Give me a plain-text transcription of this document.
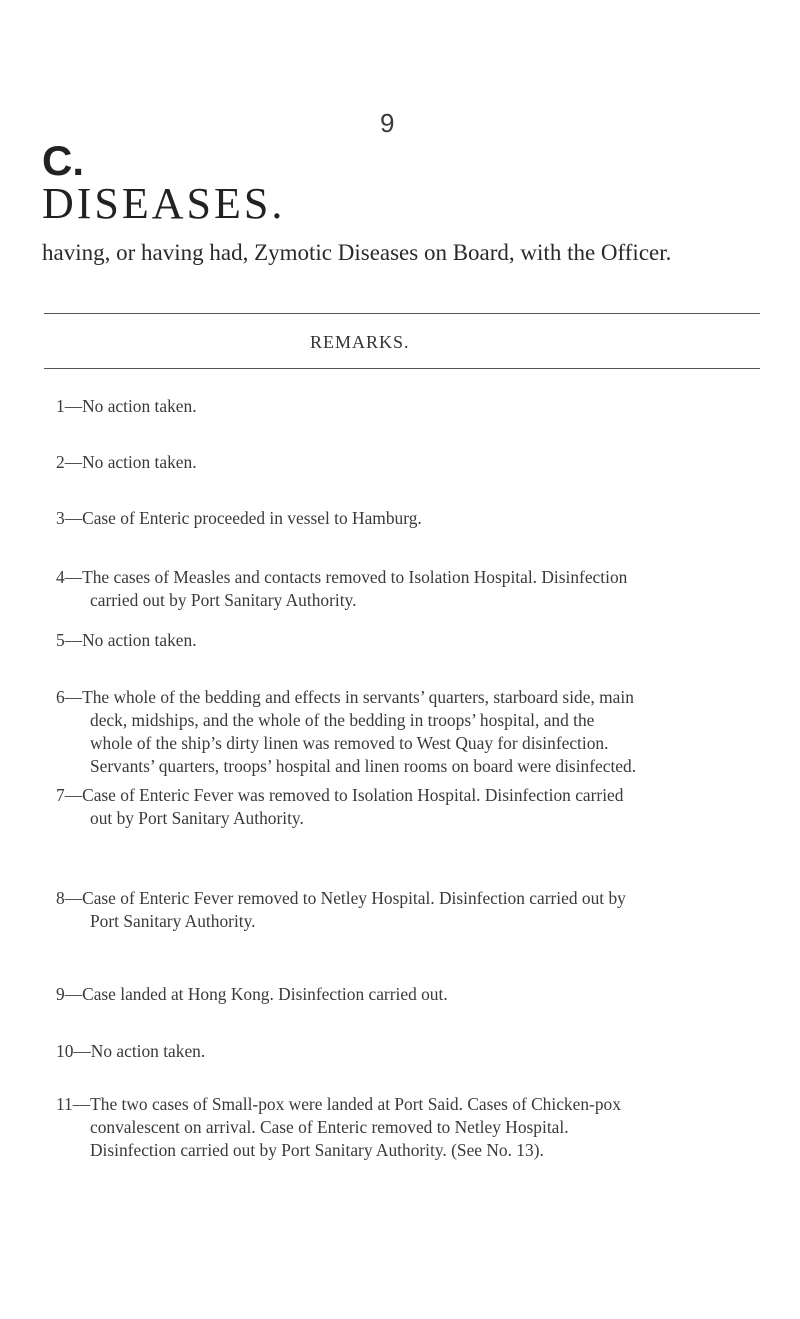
9
C.
DISEASES.
having, or having had, Zymotic Diseases on Board, with the Officer.
REMARKS.
1—No action taken.
2—No action taken.
3—Case of Enteric proceeded in vessel to Hamburg.
4—The cases of Measles and contacts removed to Isolation Hospital. Disinfection
carried out by Port Sanitary Authority.
5—No action taken.
6—The whole of the bedding and effects in servants’ quarters, starboard side, main
deck, midships, and the whole of the bedding in troops’ hospital, and the
whole of the ship’s dirty linen was removed to West Quay for disinfection.
Servants’ quarters, troops’ hospital and linen rooms on board were disinfected.
7—Case of Enteric Fever was removed to Isolation Hospital. Disinfection carried
out by Port Sanitary Authority.
8—Case of Enteric Fever removed to Netley Hospital. Disinfection carried out by
Port Sanitary Authority.
9—Case landed at Hong Kong. Disinfection carried out.
10—No action taken.
11—The two cases of Small-pox were landed at Port Said. Cases of Chicken-pox
convalescent on arrival. Case of Enteric removed to Netley Hospital.
Disinfection carried out by Port Sanitary Authority. (See No. 13).
